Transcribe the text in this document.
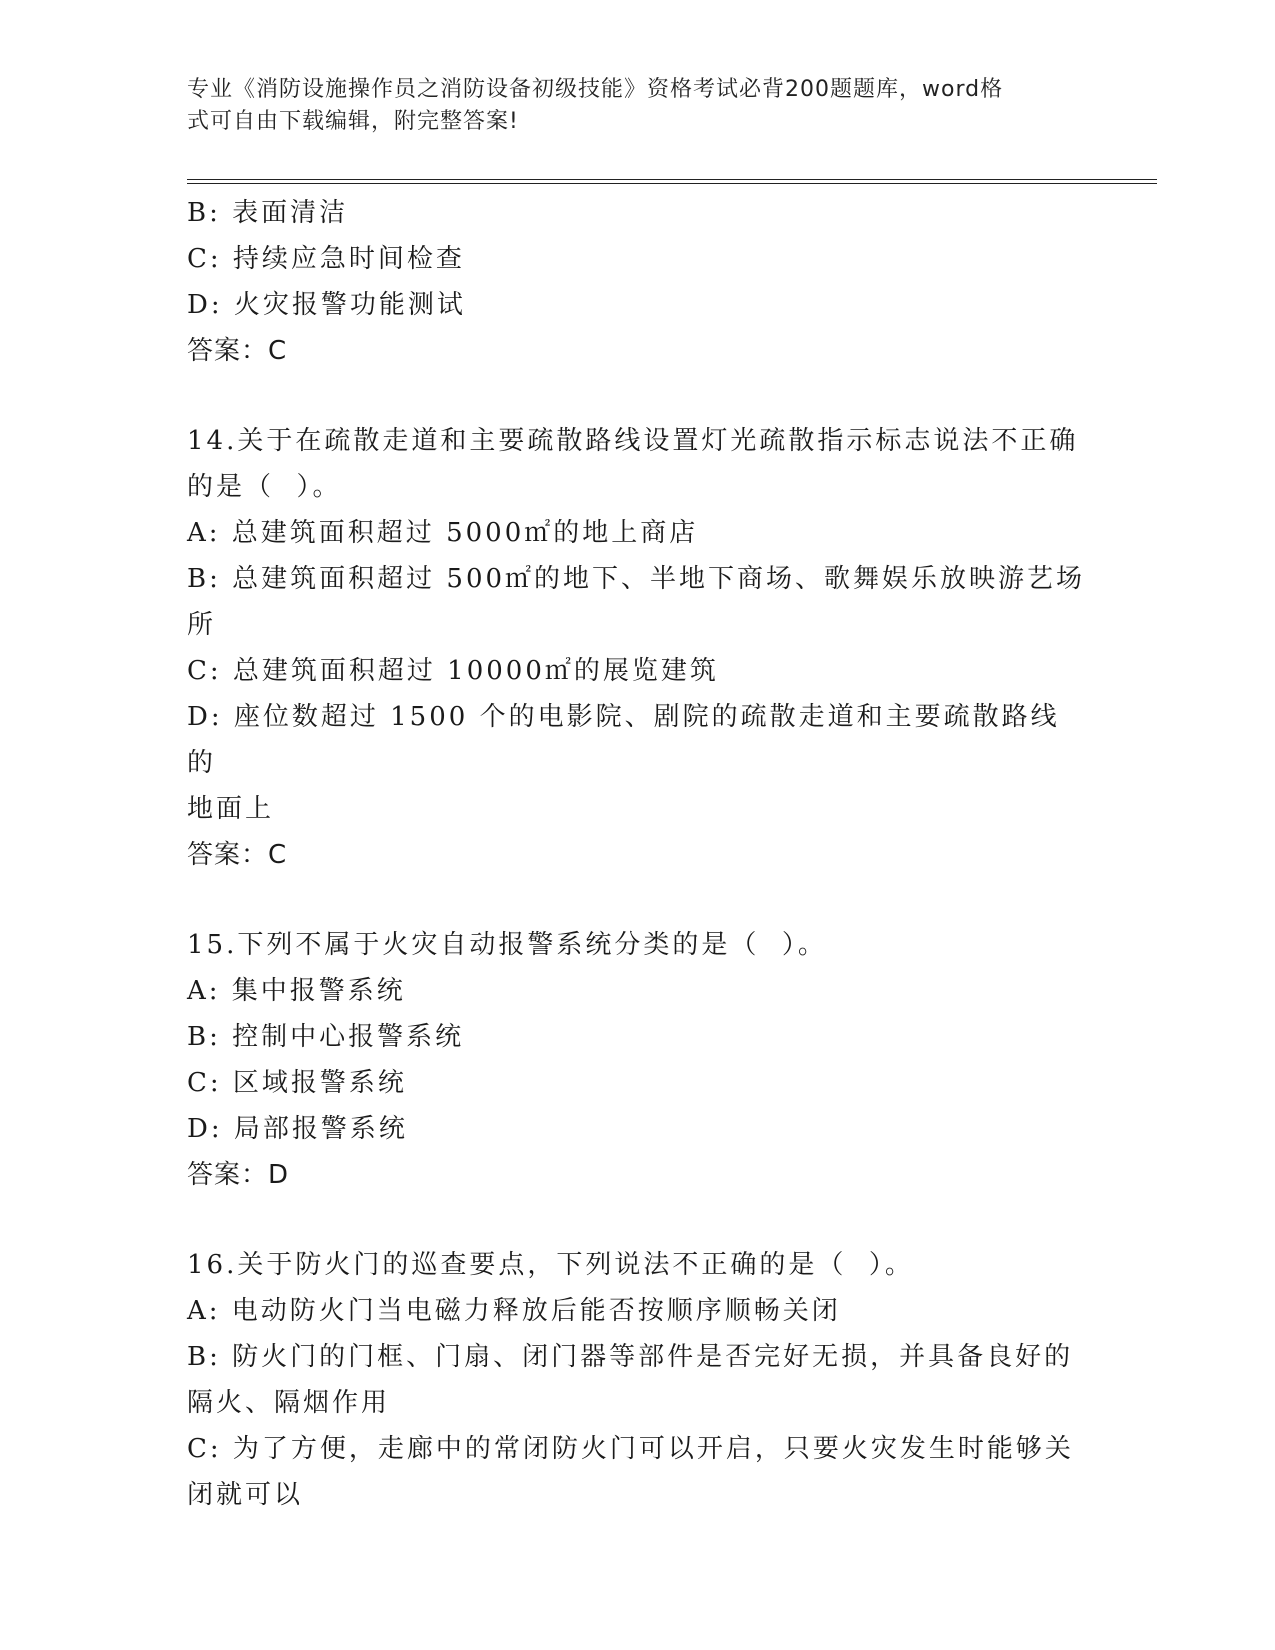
专业《消防设施操作员之消防设备初级技能》资格考试必背200题题库，word格
式可自由下载编辑，附完整答案!
B: 表面清洁
C: 持续应急时间检查
D: 火灾报警功能测试
答案：C
14.关于在疏散走道和主要疏散路线设置灯光疏散指示标志说法不正确
的是（  ）。
A: 总建筑面积超过 5000㎡的地上商店
B: 总建筑面积超过 500㎡的地下、半地下商场、歌舞娱乐放映游艺场
所
C: 总建筑面积超过 10000㎡的展览建筑
D: 座位数超过 1500 个的电影院、剧院的疏散走道和主要疏散路线的
地面上
答案：C
15.下列不属于火灾自动报警系统分类的是（  ）。
A: 集中报警系统
B: 控制中心报警系统
C: 区域报警系统
D: 局部报警系统
答案：D
16.关于防火门的巡查要点，下列说法不正确的是（  ）。
A: 电动防火门当电磁力释放后能否按顺序顺畅关闭
B: 防火门的门框、门扇、闭门器等部件是否完好无损，并具备良好的
隔火、隔烟作用
C: 为了方便，走廊中的常闭防火门可以开启，只要火灾发生时能够关
闭就可以
